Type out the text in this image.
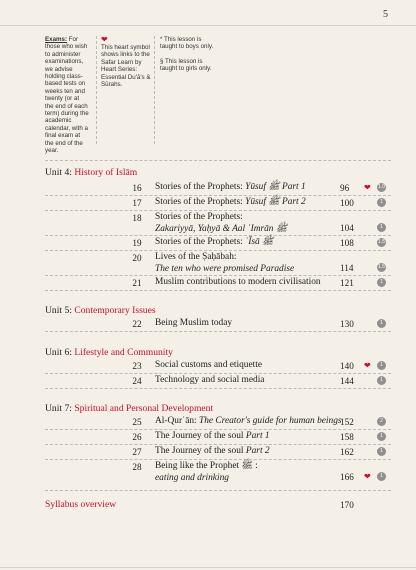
5
Exams: For those who wish to administer examinations, we advise holding class-based tests on weeks ten and twenty (or at the end of each term) during the academic calendar, with a final exam at the end of the year.
❤
This heart symbol shows links to the Safar Learn by Heart Series: Essential Du'ā's & Sūrahs.
* This lesson is taught to boys only.
§ This lesson is taught to girls only.
Unit 4: History of Islām
16	Stories of the Prophets: Yūsuf ﷺ Part 1	96	❤ 1.0
17	Stories of the Prophets: Yūsuf ﷺ Part 2	100	1
18	Stories of the Prophets:
Zakariyyā, Yaḥyā & Aal ʿImrān ﷺ	104	1
19	Stories of the Prophets: ʿĪsā ﷺ	108	1.5
20	Lives of the Ṣaḥābah:
The ten who were promised Paradise	114	1.5
21	Muslim contributions to modern civilisation	121	1
Unit 5: Contemporary Issues
22	Being Muslim today	130	1
Unit 6: Lifestyle and Community
23	Social customs and etiquette	140	❤	1
24	Technology and social media	144	1
Unit 7: Spiritual and Personal Development
25	Al-Qurʾān: The Creator's guide for human beings
152	2
26	The Journey of the soul Part 1	158	1
27	The Journey of the soul Part 2	162	1
28	Being like the Prophet ﷺ :
eating and drinking	166	❤	1
Syllabus overview	170
